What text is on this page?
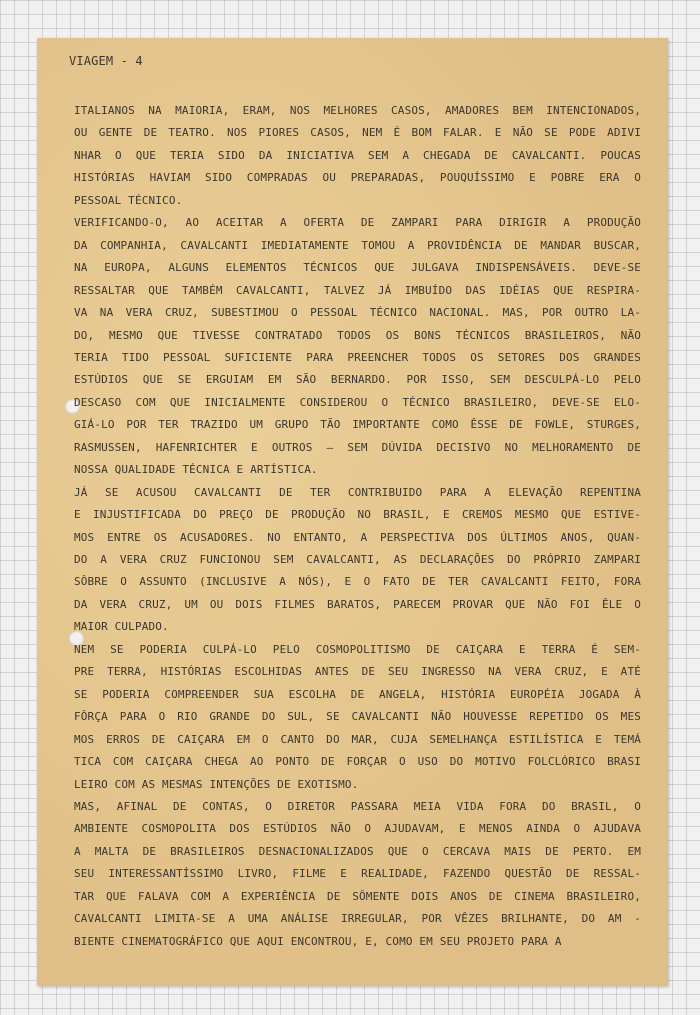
VIAGEM - 4
ITALIANOS NA MAIORIA, ERAM, NOS MELHORES CASOS, AMADORES BEM INTENCIONADOS,
OU GENTE DE TEATRO. NOS PIORES CASOS, NEM É BOM FALAR. E NÃO SE PODE ADIVI
NHAR O QUE TERIA SIDO DA INICIATIVA SEM A CHEGADA DE CAVALCANTI. POUCAS
HISTÓRIAS HAVIAM SIDO COMPRADAS OU PREPARADAS, POUQUÍSSIMO E POBRE ERA O
PESSOAL TÉCNICO.
VERIFICANDO-O, AO ACEITAR A OFERTA DE ZAMPARI PARA DIRIGIR A PRODUÇÃO
DA COMPANHIA, CAVALCANTI IMEDIATAMENTE TOMOU A PROVIDÊNCIA DE MANDAR BUSCAR,
NA EUROPA, ALGUNS ELEMENTOS TÉCNICOS QUE JULGAVA INDISPENSÁVEIS. DEVE-SE
RESSALTAR QUE TAMBÉM CAVALCANTI, TALVEZ JÁ IMBUÍDO DAS IDÉIAS QUE RESPIRA-
VA NA VERA CRUZ, SUBESTIMOU O PESSOAL TÉCNICO NACIONAL. MAS, POR OUTRO LA-
DO, MESMO QUE TIVESSE CONTRATADO TODOS OS BONS TÉCNICOS BRASILEIROS, NÃO
TERIA TIDO PESSOAL SUFICIENTE PARA PREENCHER TODOS OS SETORES DOS GRANDES
ESTÚDIOS QUE SE ERGUIAM EM SÃO BERNARDO. POR ISSO, SEM DESCULPÁ-LO PELO
DESCASO COM QUE INICIALMENTE CONSIDEROU O TÉCNICO BRASILEIRO, DEVE-SE ELO-
GIÁ-LO POR TER TRAZIDO UM GRUPO TÃO IMPORTANTE COMO ÊSSE DE FOWLE, STURGES,
RASMUSSEN, HAFENRICHTER E OUTROS — SEM DÚVIDA DECISIVO NO MELHORAMENTO DE
NOSSA QUALIDADE TÉCNICA E ARTÍSTICA.
JÁ SE ACUSOU CAVALCANTI DE TER CONTRIBUIDO PARA A ELEVAÇÃO REPENTINA
E INJUSTIFICADA DO PREÇO DE PRODUÇÃO NO BRASIL, E CREMOS MESMO QUE ESTIVE-
MOS ENTRE OS ACUSADORES. NO ENTANTO, A PERSPECTIVA DOS ÚLTIMOS ANOS, QUAN-
DO A VERA CRUZ FUNCIONOU SEM CAVALCANTI, AS DECLARAÇÕES DO PRÓPRIO ZAMPARI
SÔBRE O ASSUNTO (INCLUSIVE A NÓS), E O FATO DE TER CAVALCANTI FEITO, FORA
DA VERA CRUZ, UM OU DOIS FILMES BARATOS, PARECEM PROVAR QUE NÃO FOI ÊLE O
MAIOR CULPADO.
NEM SE PODERIA CULPÁ-LO PELO COSMOPOLITISMO DE CAIÇARA E TERRA É SEM-
PRE TERRA, HISTÓRIAS ESCOLHIDAS ANTES DE SEU INGRESSO NA VERA CRUZ, E ATÉ
SE PODERIA COMPREENDER SUA ESCOLHA DE ANGELA, HISTÓRIA EUROPÉIA JOGADA À
FÔRÇA PARA O RIO GRANDE DO SUL, SE CAVALCANTI NÃO HOUVESSE REPETIDO OS MES
MOS ERROS DE CAIÇARA EM O CANTO DO MAR, CUJA SEMELHANÇA ESTILÍSTICA E TEMÁ
TICA COM CAIÇARA CHEGA AO PONTO DE FORÇAR O USO DO MOTIVO FOLCLÓRICO BRASI
LEIRO COM AS MESMAS INTENÇÕES DE EXOTISMO.
MAS, AFINAL DE CONTAS, O DIRETOR PASSARA MEIA VIDA FORA DO BRASIL, O
AMBIENTE COSMOPOLITA DOS ESTÚDIOS NÃO O AJUDAVAM, E MENOS AINDA O AJUDAVA
A MALTA DE BRASILEIROS DESNACIONALIZADOS QUE O CERCAVA MAIS DE PERTO. EM
SEU INTERESSANTÍSSIMO LIVRO, FILME E REALIDADE, FAZENDO QUESTÃO DE RESSAL-
TAR QUE FALAVA COM A EXPERIÊNCIA DE SÔMENTE DOIS ANOS DE CINEMA BRASILEIRO,
CAVALCANTI LIMITA-SE A UMA ANÁLISE IRREGULAR, POR VÊZES BRILHANTE, DO AM -
BIENTE CINEMATOGRÁFICO QUE AQUI ENCONTROU, E, COMO EM SEU PROJETO PARA A
